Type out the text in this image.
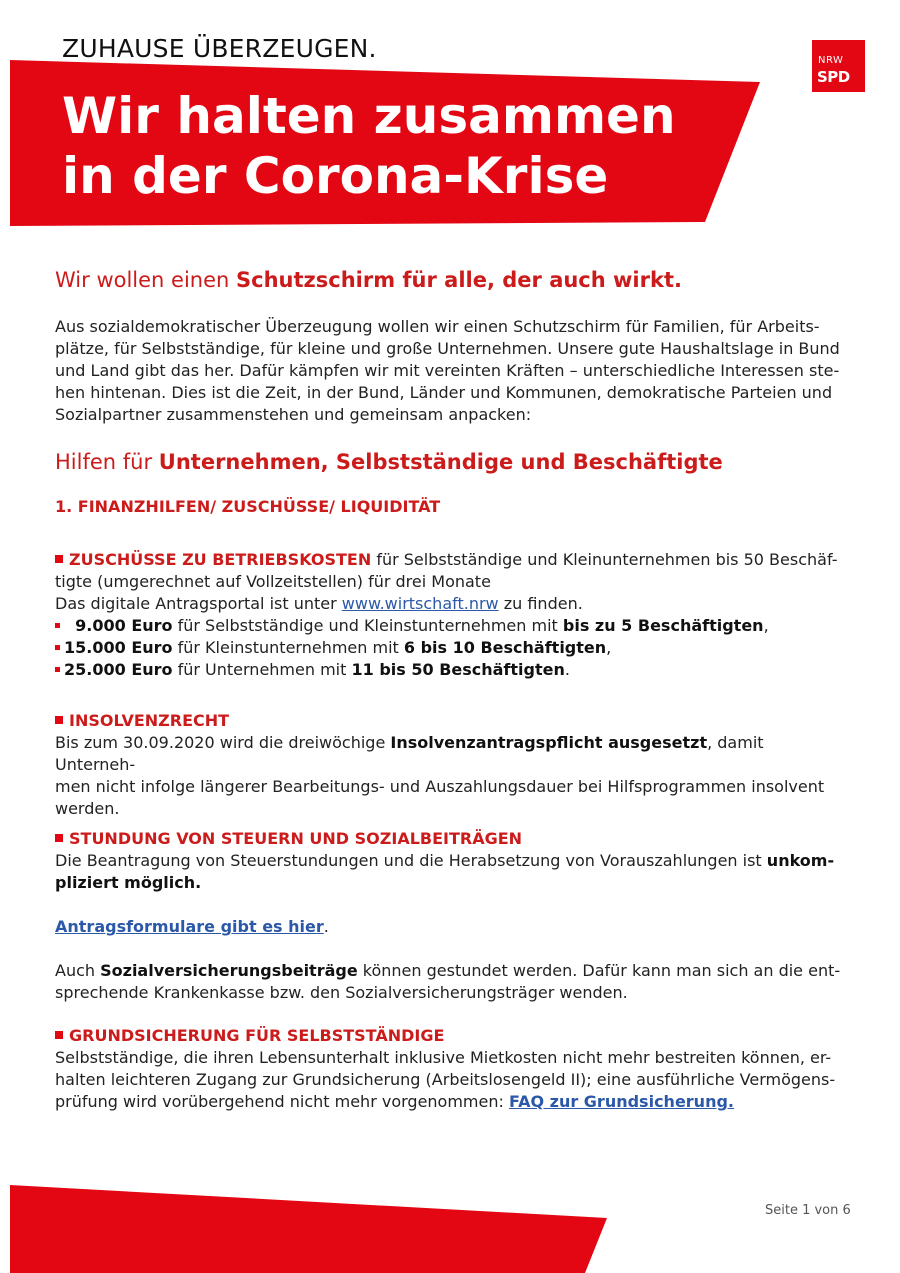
ZUHAUSE ÜBERZEUGEN.
Wir halten zusammen
in der Corona-Krise
NRW
SPD
Wir wollen einen Schutzschirm für alle, der auch wirkt.
Aus sozialdemokratischer Überzeugung wollen wir einen Schutzschirm für Familien, für Arbeits-
plätze, für Selbstständige, für kleine und große Unternehmen. Unsere gute Haushaltslage in Bund
und Land gibt das her. Dafür kämpfen wir mit vereinten Kräften – unterschiedliche Interessen ste-
hen hintenan. Dies ist die Zeit, in der Bund, Länder und Kommunen, demokratische Parteien und
Sozialpartner zusammenstehen und gemeinsam anpacken:
Hilfen für Unternehmen, Selbstständige und Beschäftigte
1. FINANZHILFEN/ ZUSCHÜSSE/ LIQUIDITÄT
ZUSCHÜSSE ZU BETRIEBSKOSTEN für Selbstständige und Kleinunternehmen bis 50 Beschäf-
tigte (umgerechnet auf Vollzeitstellen) für drei Monate
Das digitale Antragsportal ist unter www.wirtschaft.nrw zu finden.
9.000 Euro für Selbstständige und Kleinstunternehmen mit bis zu 5 Beschäftigten,
15.000 Euro für Kleinstunternehmen mit 6 bis 10 Beschäftigten,
25.000 Euro für Unternehmen mit 11 bis 50 Beschäftigten.
INSOLVENZRECHT
Bis zum 30.09.2020 wird die dreiwöchige Insolvenzantragspflicht ausgesetzt, damit Unterneh-
men nicht infolge längerer Bearbeitungs- und Auszahlungsdauer bei Hilfsprogrammen insolvent
werden.
STUNDUNG VON STEUERN UND SOZIALBEITRÄGEN
Die Beantragung von Steuerstundungen und die Herabsetzung von Vorauszahlungen ist unkom-
pliziert möglich.
Antragsformulare gibt es hier.
Auch Sozialversicherungsbeiträge können gestundet werden. Dafür kann man sich an die ent-
sprechende Krankenkasse bzw. den Sozialversicherungsträger wenden.
GRUNDSICHERUNG FÜR SELBSTSTÄNDIGE
Selbstständige, die ihren Lebensunterhalt inklusive Mietkosten nicht mehr bestreiten können, er-
halten leichteren Zugang zur Grundsicherung (Arbeitslosengeld II); eine ausführliche Vermögens-
prüfung wird vorübergehend nicht mehr vorgenommen: FAQ zur Grundsicherung.
Seite 1 von 6
